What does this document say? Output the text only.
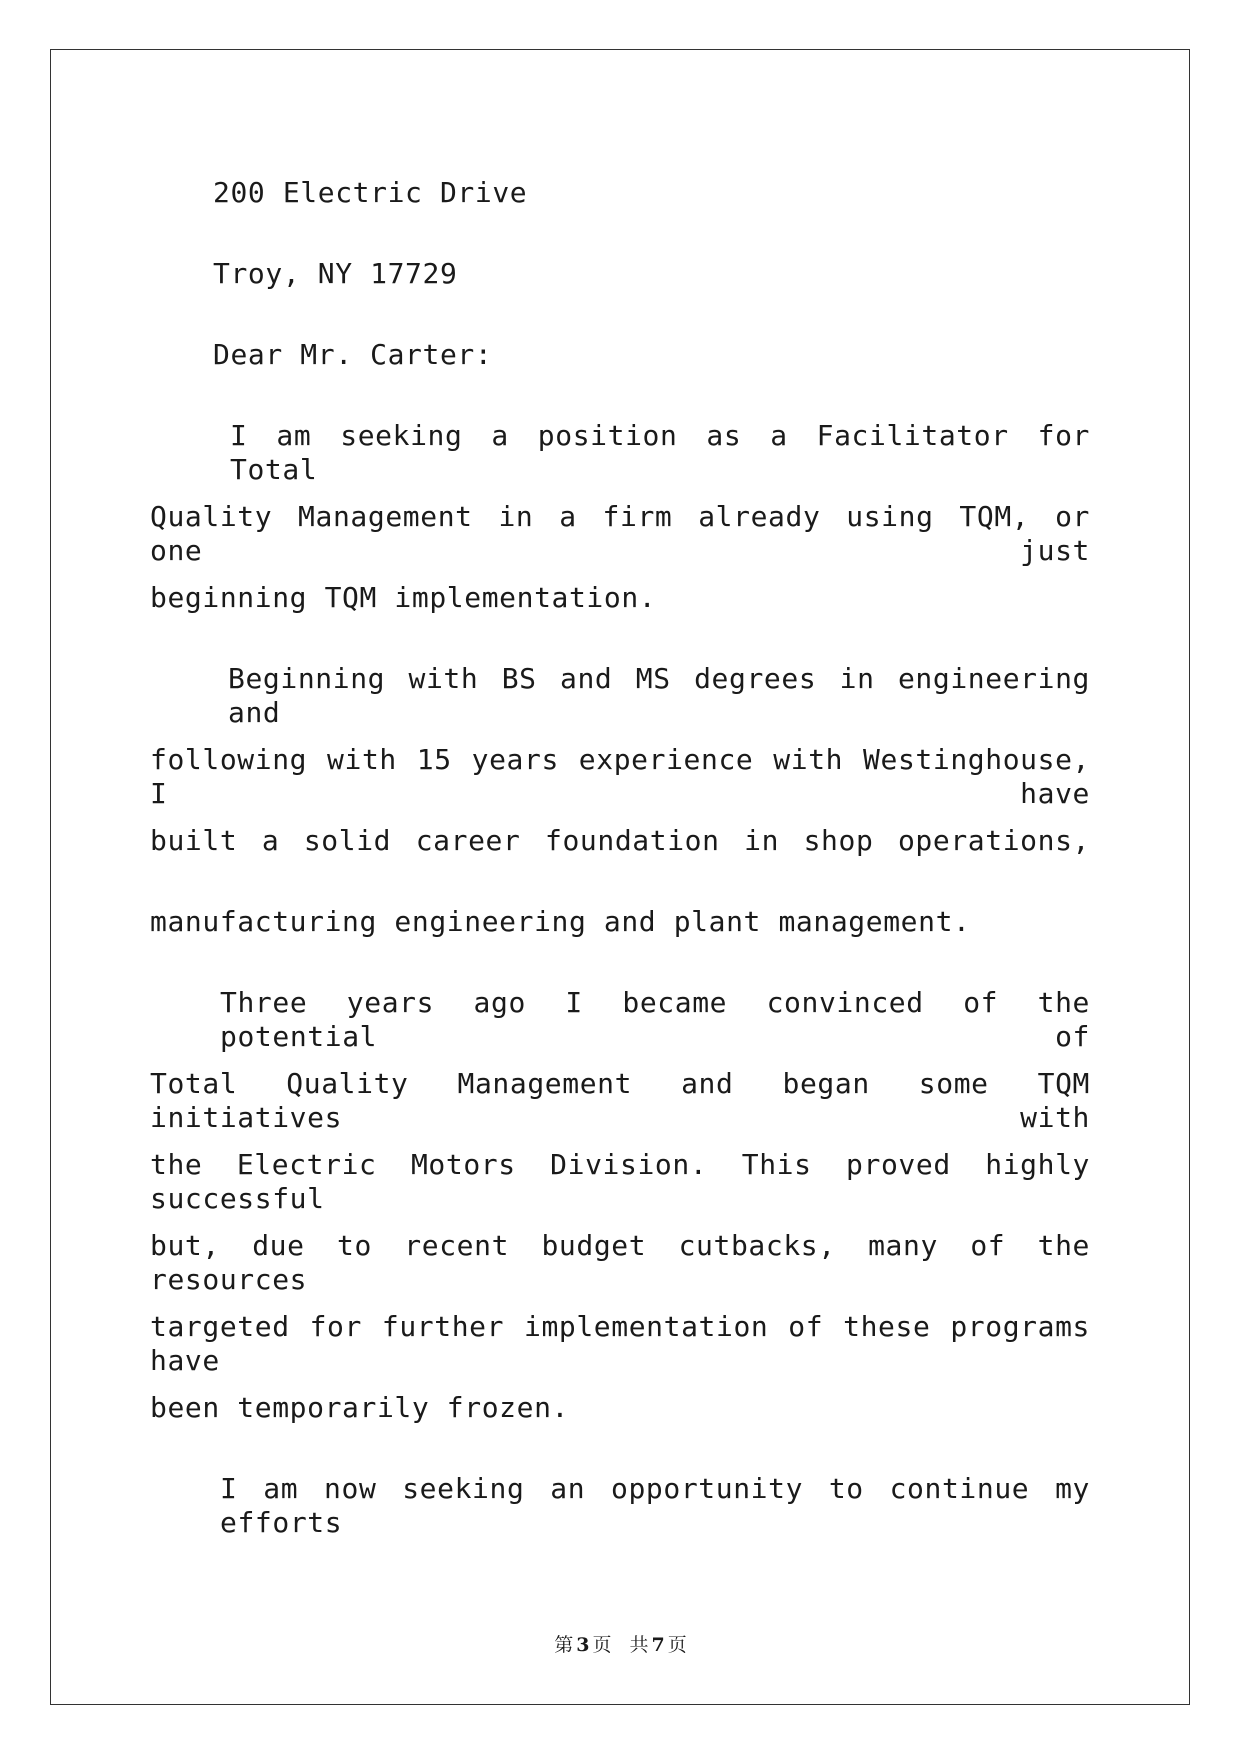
200 Electric Drive
Troy, NY 17729
Dear Mr. Carter:
I am seeking a position as a Facilitator for Total
Quality Management in a firm already using TQM, or one just
beginning TQM implementation.
Beginning with BS and MS degrees in engineering and
following with 15 years experience with Westinghouse, I have
built a solid career foundation in shop operations,
manufacturing engineering and plant management.
Three years ago I became convinced of the potential of
Total Quality Management and began some TQM initiatives with
the Electric Motors Division. This proved highly successful
but, due to recent budget cutbacks, many of the resources
targeted for further implementation of these programs have
been temporarily frozen.
I am now seeking an opportunity to continue my efforts
第 3 页 共 7 页
